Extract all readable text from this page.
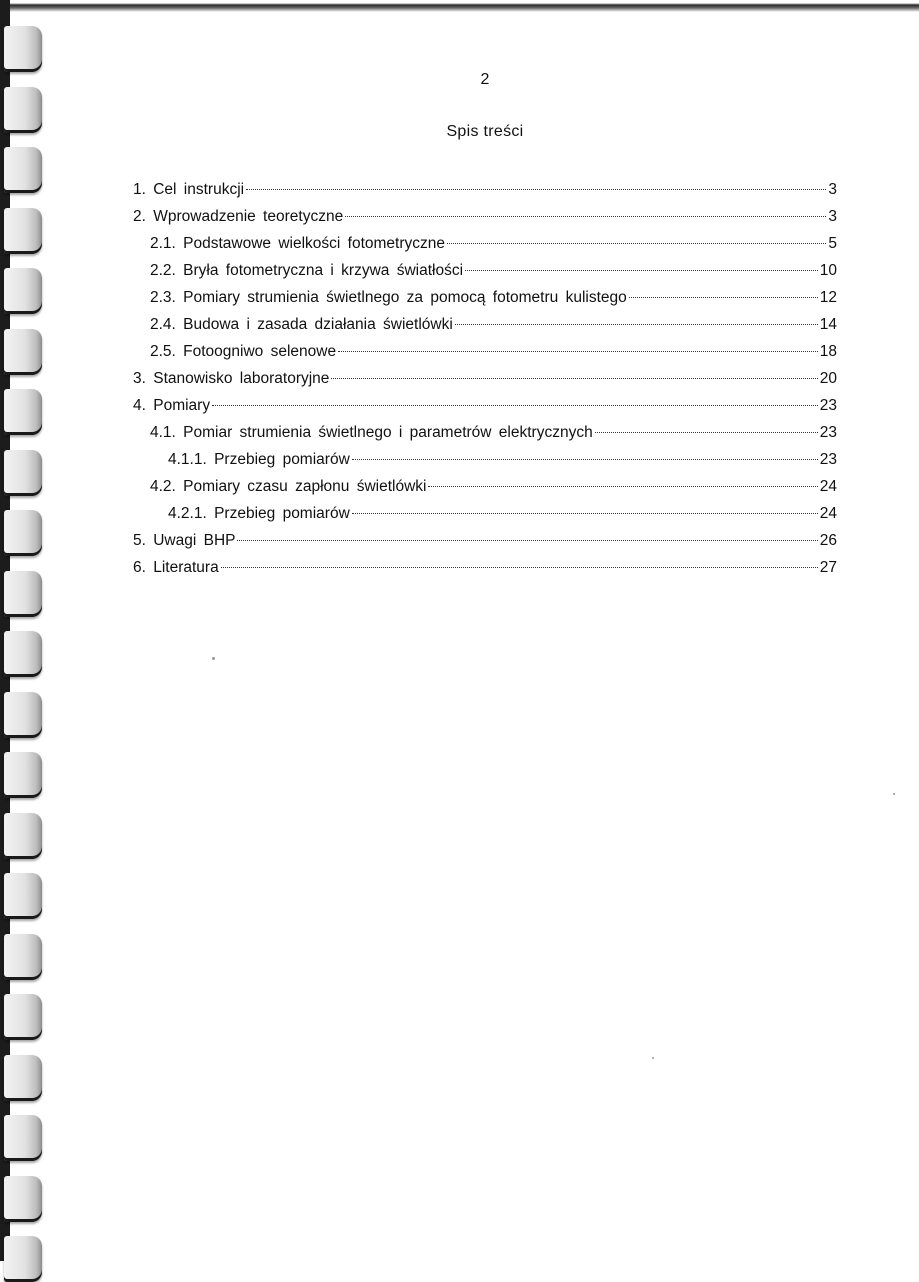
2
Spis treści
1. Cel instrukcji	3
2. Wprowadzenie teoretyczne	3
2.1. Podstawowe wielkości fotometryczne	5
2.2. Bryła fotometryczna i krzywa światłości	10
2.3. Pomiary strumienia świetlnego za pomocą fotometru kulistego	12
2.4. Budowa i zasada działania świetlówki	14
2.5. Fotoogniwo selenowe	18
3. Stanowisko laboratoryjne	20
4. Pomiary	23
4.1. Pomiar strumienia świetlnego i parametrów elektrycznych	23
4.1.1. Przebieg pomiarów	23
4.2. Pomiary czasu zapłonu świetlówki	24
4.2.1. Przebieg pomiarów	24
5. Uwagi BHP	26
6. Literatura	27
